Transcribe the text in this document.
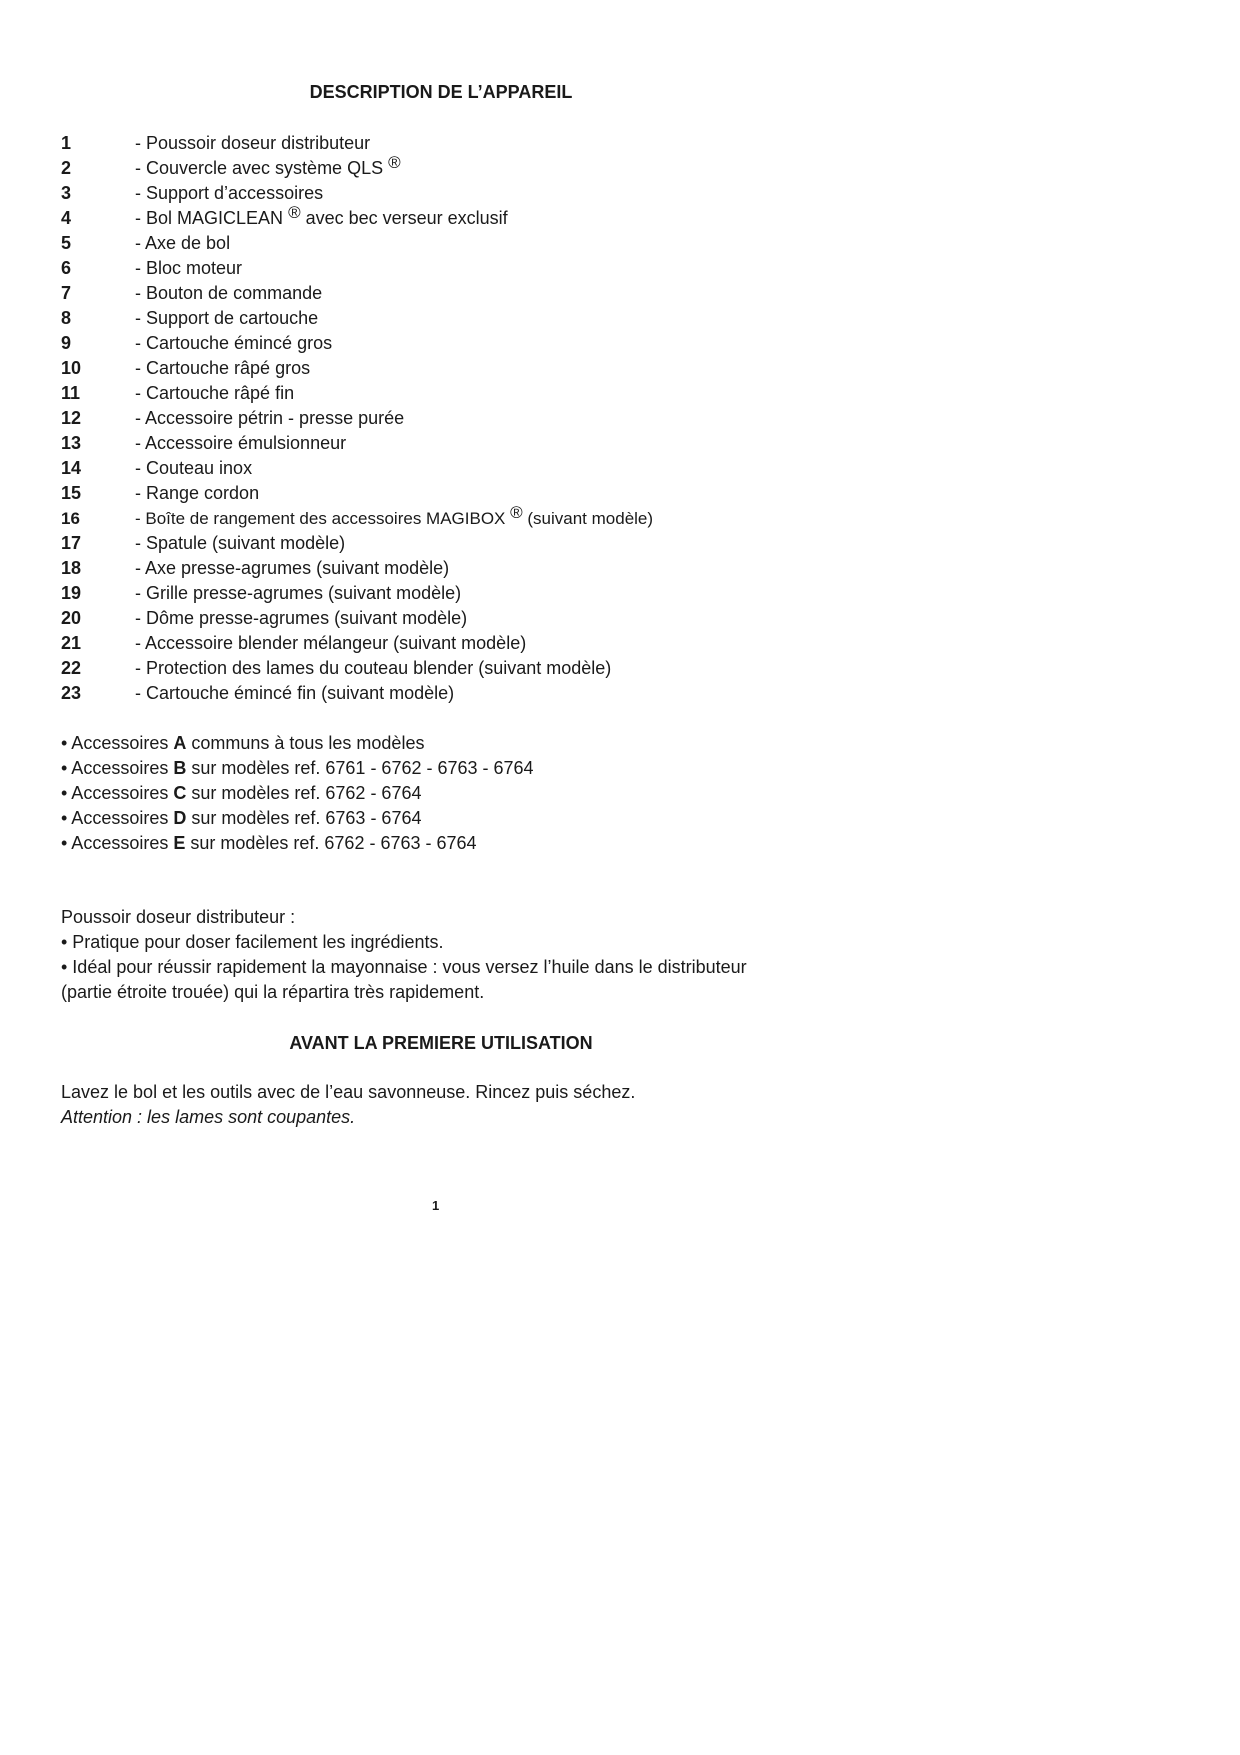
DESCRIPTION DE L’APPAREIL
1	- Poussoir doseur distributeur
2	- Couvercle avec système QLS ®
3	- Support d’accessoires
4	- Bol MAGICLEAN ® avec bec verseur exclusif
5	- Axe de bol
6	- Bloc moteur
7	- Bouton de commande
8	- Support de cartouche
9	- Cartouche émincé gros
10	- Cartouche râpé gros
11	- Cartouche râpé fin
12	- Accessoire pétrin - presse purée
13	- Accessoire émulsionneur
14	- Couteau inox
15	- Range cordon
16	- Boîte de rangement des accessoires MAGIBOX ® (suivant modèle)
17	- Spatule (suivant modèle)
18	- Axe presse-agrumes (suivant modèle)
19	- Grille presse-agrumes (suivant modèle)
20	- Dôme presse-agrumes (suivant modèle)
21	- Accessoire blender mélangeur (suivant modèle)
22	- Protection des lames du couteau blender (suivant modèle)
23	- Cartouche émincé fin (suivant modèle)
• Accessoires A communs à tous les modèles
• Accessoires B sur modèles ref. 6761 - 6762 - 6763 - 6764
• Accessoires C sur modèles ref. 6762 - 6764
• Accessoires D sur modèles ref. 6763 - 6764
• Accessoires E sur modèles ref. 6762 - 6763 - 6764
Poussoir doseur distributeur :
• Pratique pour doser facilement les ingrédients.
• Idéal pour réussir rapidement la mayonnaise : vous versez l’huile dans le distributeur
(partie étroite trouée) qui la répartira très rapidement.
AVANT LA PREMIERE UTILISATION
Lavez le bol et les outils avec de l’eau savonneuse. Rincez puis séchez.
Attention : les lames sont coupantes.
1
